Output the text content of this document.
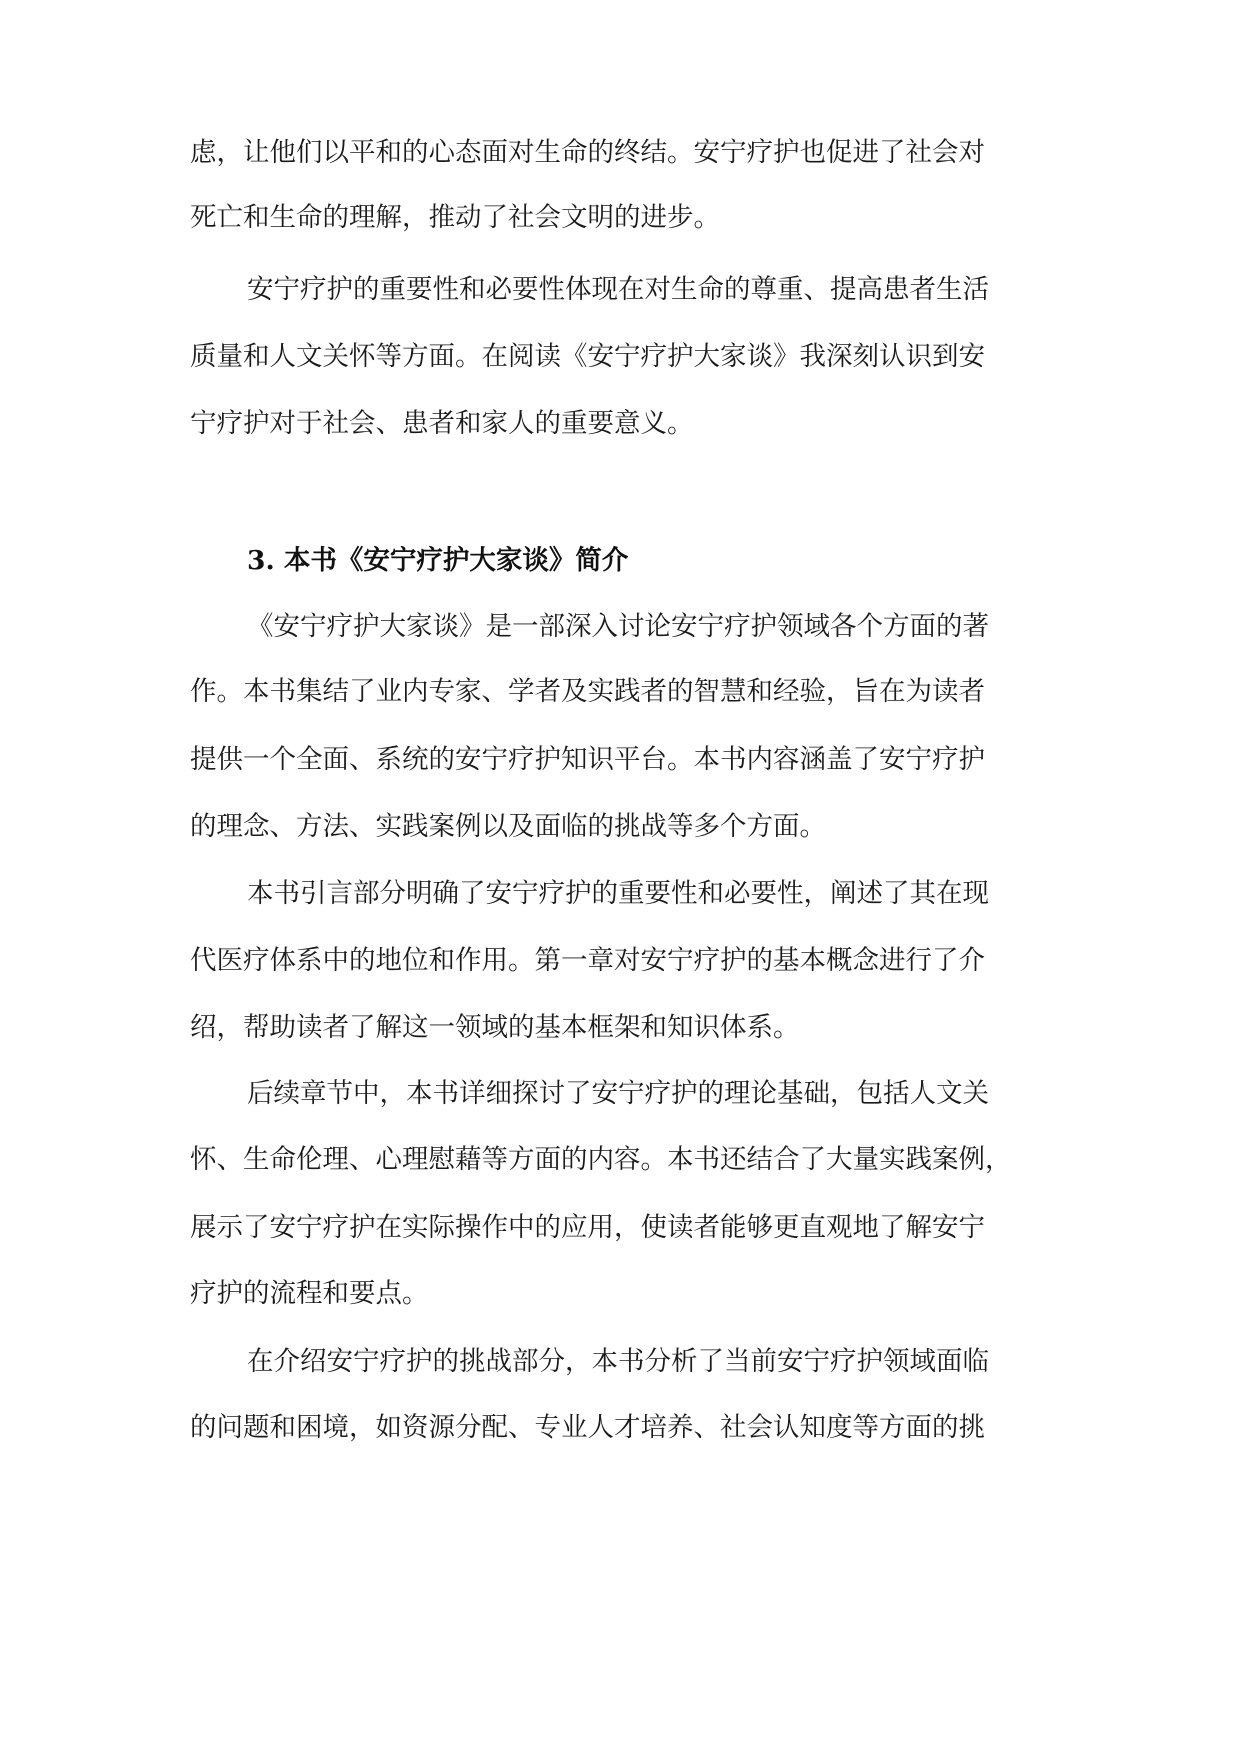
虑，让他们以平和的心态面对生命的终结。安宁疗护也促进了社会对
死亡和生命的理解，推动了社会文明的进步。
安宁疗护的重要性和必要性体现在对生命的尊重、提高患者生活
质量和人文关怀等方面。在阅读《安宁疗护大家谈》我深刻认识到安
宁疗护对于社会、患者和家人的重要意义。
《安宁疗护大家谈》是一部深入讨论安宁疗护领域各个方面的著
作。本书集结了业内专家、学者及实践者的智慧和经验，旨在为读者
提供一个全面、系统的安宁疗护知识平台。本书内容涵盖了安宁疗护
的理念、方法、实践案例以及面临的挑战等多个方面。
本书引言部分明确了安宁疗护的重要性和必要性，阐述了其在现
代医疗体系中的地位和作用。第一章对安宁疗护的基本概念进行了介
绍，帮助读者了解这一领域的基本框架和知识体系。
后续章节中，本书详细探讨了安宁疗护的理论基础，包括人文关
怀、生命伦理、心理慰藉等方面的内容。本书还结合了大量实践案例，
展示了安宁疗护在实际操作中的应用，使读者能够更直观地了解安宁
疗护的流程和要点。
在介绍安宁疗护的挑战部分，本书分析了当前安宁疗护领域面临
的问题和困境，如资源分配、专业人才培养、社会认知度等方面的挑
3. 本书《安宁疗护大家谈》简介
